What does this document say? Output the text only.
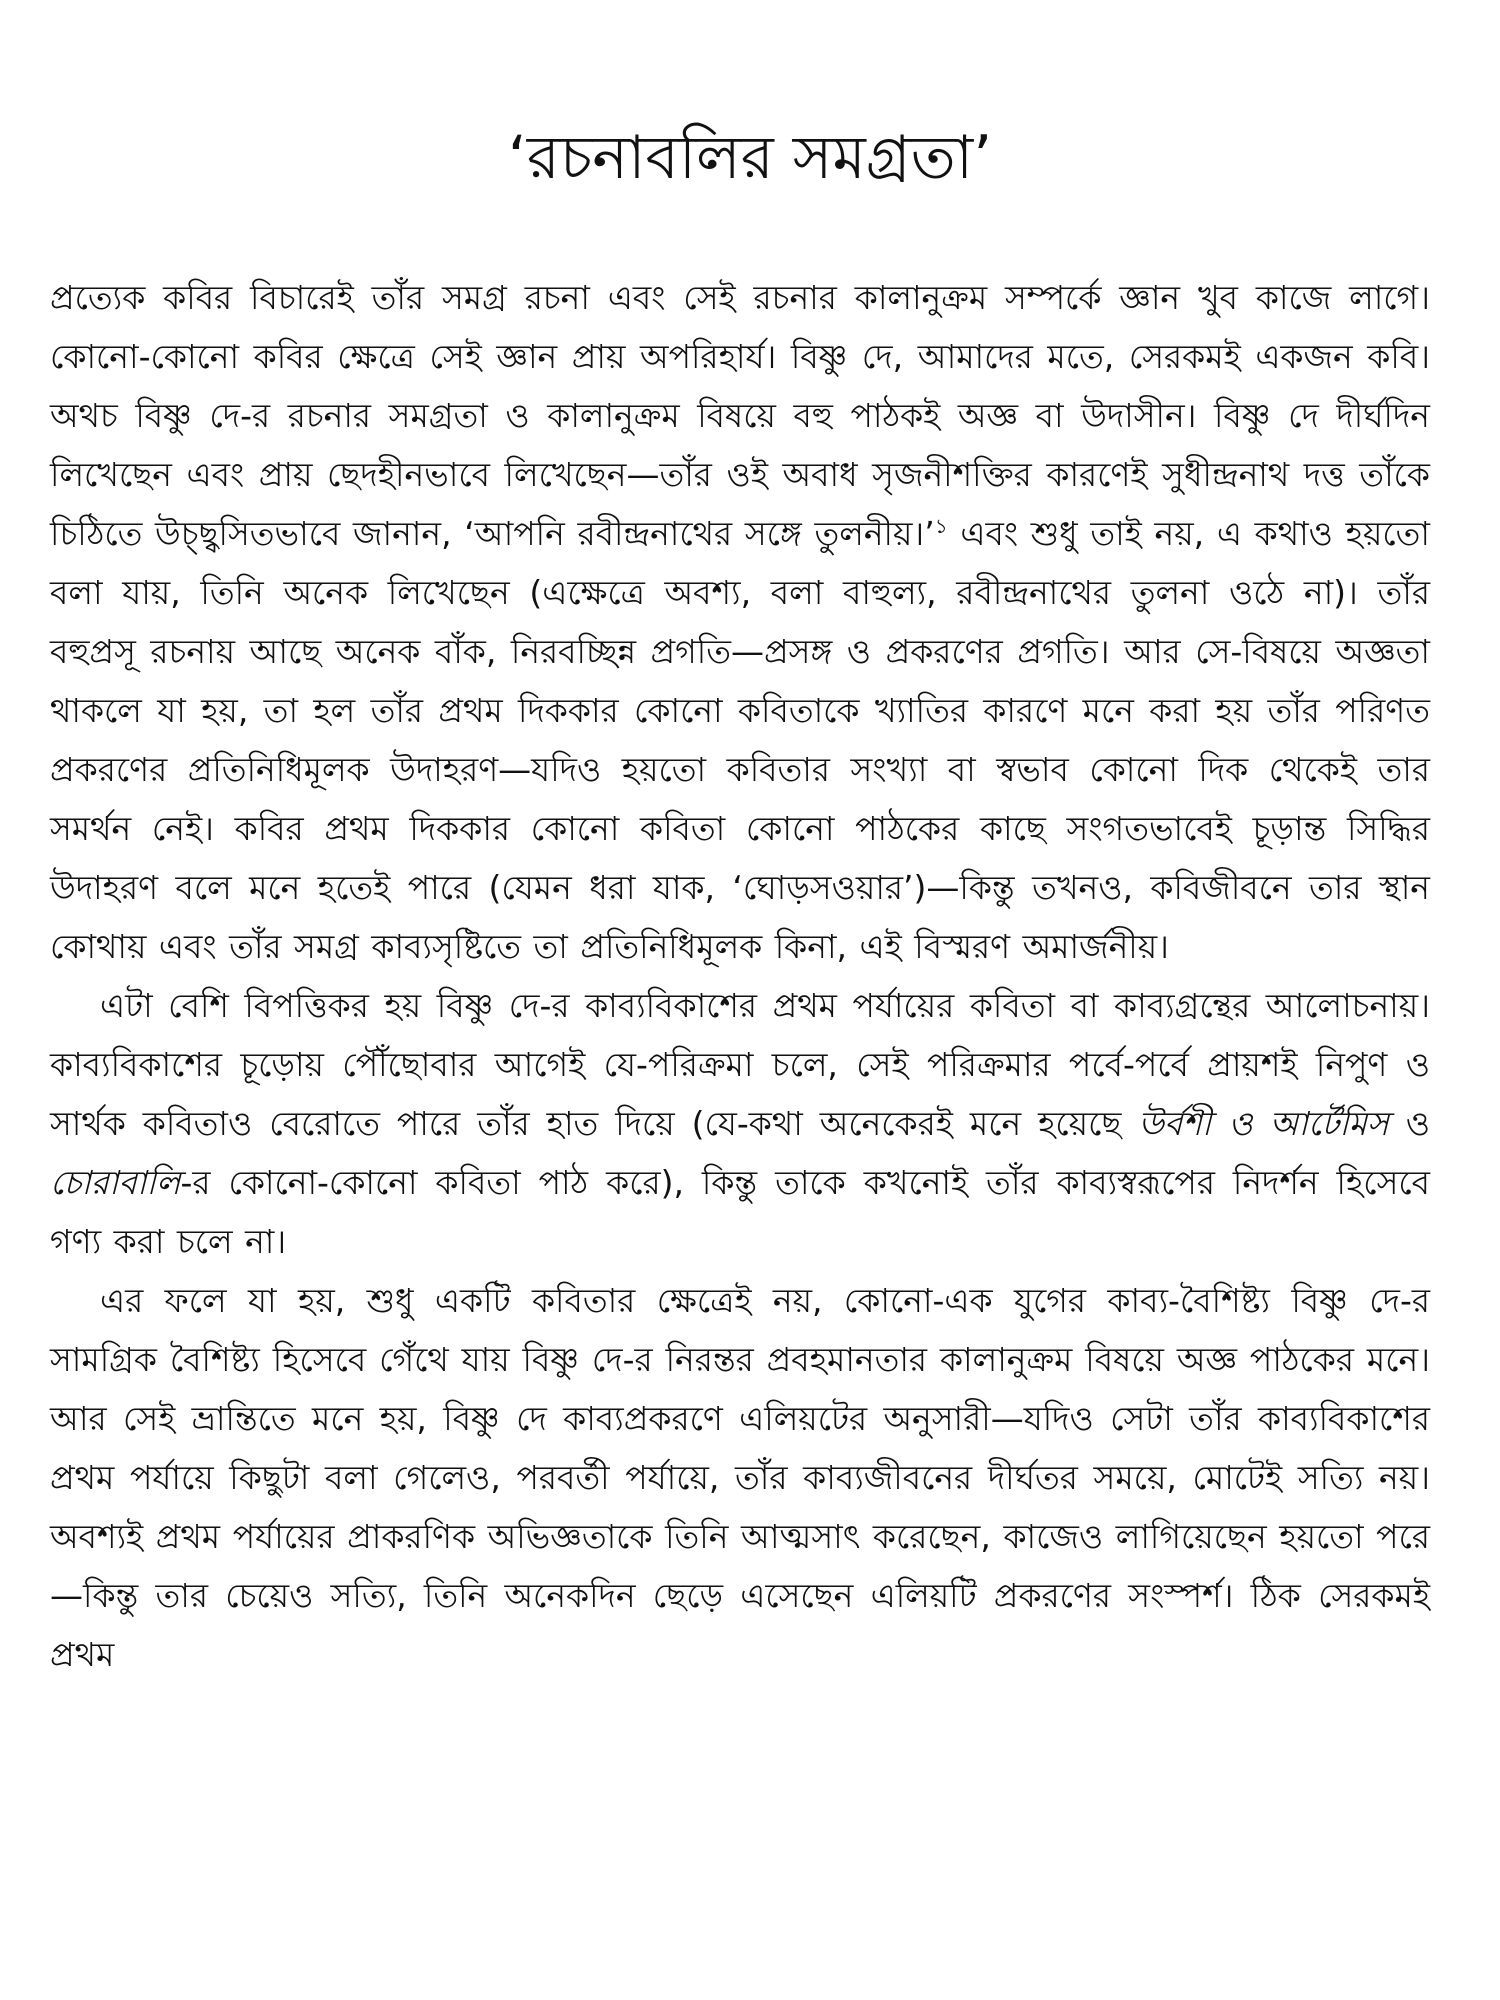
‘রচনাবলির সমগ্রতা’

প্রত্যেক কবির বিচারেই তাঁর সমগ্র রচনা এবং সেই রচনার কালানুক্রম সম্পর্কে জ্ঞান খুব কাজে লাগে। কোনো-কোনো কবির ক্ষেত্রে সেই জ্ঞান প্রায় অপরিহার্য। বিষ্ণু দে, আমাদের মতে, সেরকমই একজন কবি। অথচ বিষ্ণু দে-র রচনার সমগ্রতা ও কালানুক্রম বিষয়ে বহু পাঠকই অজ্ঞ বা উদাসীন। বিষ্ণু দে দীর্ঘদিন লিখেছেন এবং প্রায় ছেদহীনভাবে লিখেছেন—তাঁর ওই অবাধ সৃজনীশক্তির কারণেই সুধীন্দ্রনাথ দত্ত তাঁকে চিঠিতে উচ্ছ্বসিতভাবে জানান, ‘আপনি রবীন্দ্রনাথের সঙ্গে তুলনীয়।’$^১$ এবং শুধু তাই নয়, এ কথাও হয়তো বলা যায়, তিনি অনেক লিখেছেন (এক্ষেত্রে অবশ্য, বলা বাহুল্য, রবীন্দ্রনাথের তুলনা ওঠে না)। তাঁর বহুপ্রসূ রচনায় আছে অনেক বাঁক, নিরবচ্ছিন্ন প্রগতি—প্রসঙ্গ ও প্রকরণের প্রগতি। আর সে-বিষয়ে অজ্ঞতা থাকলে যা হয়, তা হল তাঁর প্রথম দিককার কোনো কবিতাকে খ্যাতির কারণে মনে করা হয় তাঁর পরিণত প্রকরণের প্রতিনিধিমূলক উদাহরণ—যদিও হয়তো কবিতার সংখ্যা বা স্বভাব কোনো দিক থেকেই তার সমর্থন নেই। কবির প্রথম দিককার কোনো কবিতা কোনো পাঠকের কাছে সংগতভাবেই চূড়ান্ত সিদ্ধির উদাহরণ বলে মনে হতেই পারে (যেমন ধরা যাক, ‘ঘোড়সওয়ার’)—কিন্তু তখনও, কবিজীবনে তার স্থান কোথায় এবং তাঁর সমগ্র কাব্যসৃষ্টিতে তা প্রতিনিধিমূলক কিনা, এই বিস্মরণ অমার্জনীয়।

এটা বেশি বিপত্তিকর হয় বিষ্ণু দে-র কাব্যবিকাশের প্রথম পর্যায়ের কবিতা বা কাব্যগ্রন্থের আলোচনায়। কাব্যবিকাশের চূড়োয় পৌঁছোবার আগেই যে-পরিক্রমা চলে, সেই পরিক্রমার পর্বে-পর্বে প্রায়শই নিপুণ ও সার্থক কবিতাও বেরোতে পারে তাঁর হাত দিয়ে (যে-কথা অনেকেরই মনে হয়েছে উর্বশী ও আর্টেমিস ও চোরাবালি-র কোনো-কোনো কবিতা পাঠ করে), কিন্তু তাকে কখনোই তাঁর কাব্যস্বরূপের নিদর্শন হিসেবে গণ্য করা চলে না।

এর ফলে যা হয়, শুধু একটি কবিতার ক্ষেত্রেই নয়, কোনো-এক যুগের কাব্য-বৈশিষ্ট্য বিষ্ণু দে-র সামগ্রিক বৈশিষ্ট্য হিসেবে গেঁথে যায় বিষ্ণু দে-র নিরন্তর প্রবহমানতার কালানুক্রম বিষয়ে অজ্ঞ পাঠকের মনে। আর সেই ভ্রান্তিতে মনে হয়, বিষ্ণু দে কাব্যপ্রকরণে এলিয়টের অনুসারী—যদিও সেটা তাঁর কাব্যবিকাশের প্রথম পর্যায়ে কিছুটা বলা গেলেও, পরবর্তী পর্যায়ে, তাঁর কাব্যজীবনের দীর্ঘতর সময়ে, মোটেই সত্যি নয়। অবশ্যই প্রথম পর্যায়ের প্রাকরণিক অভিজ্ঞতাকে তিনি আত্মসাৎ করেছেন, কাজেও লাগিয়েছেন হয়তো পরে—কিন্তু তার চেয়েও সত্যি, তিনি অনেকদিন ছেড়ে এসেছেন এলিয়টি প্রকরণের সংস্পর্শ। ঠিক সেরকমই প্রথম
